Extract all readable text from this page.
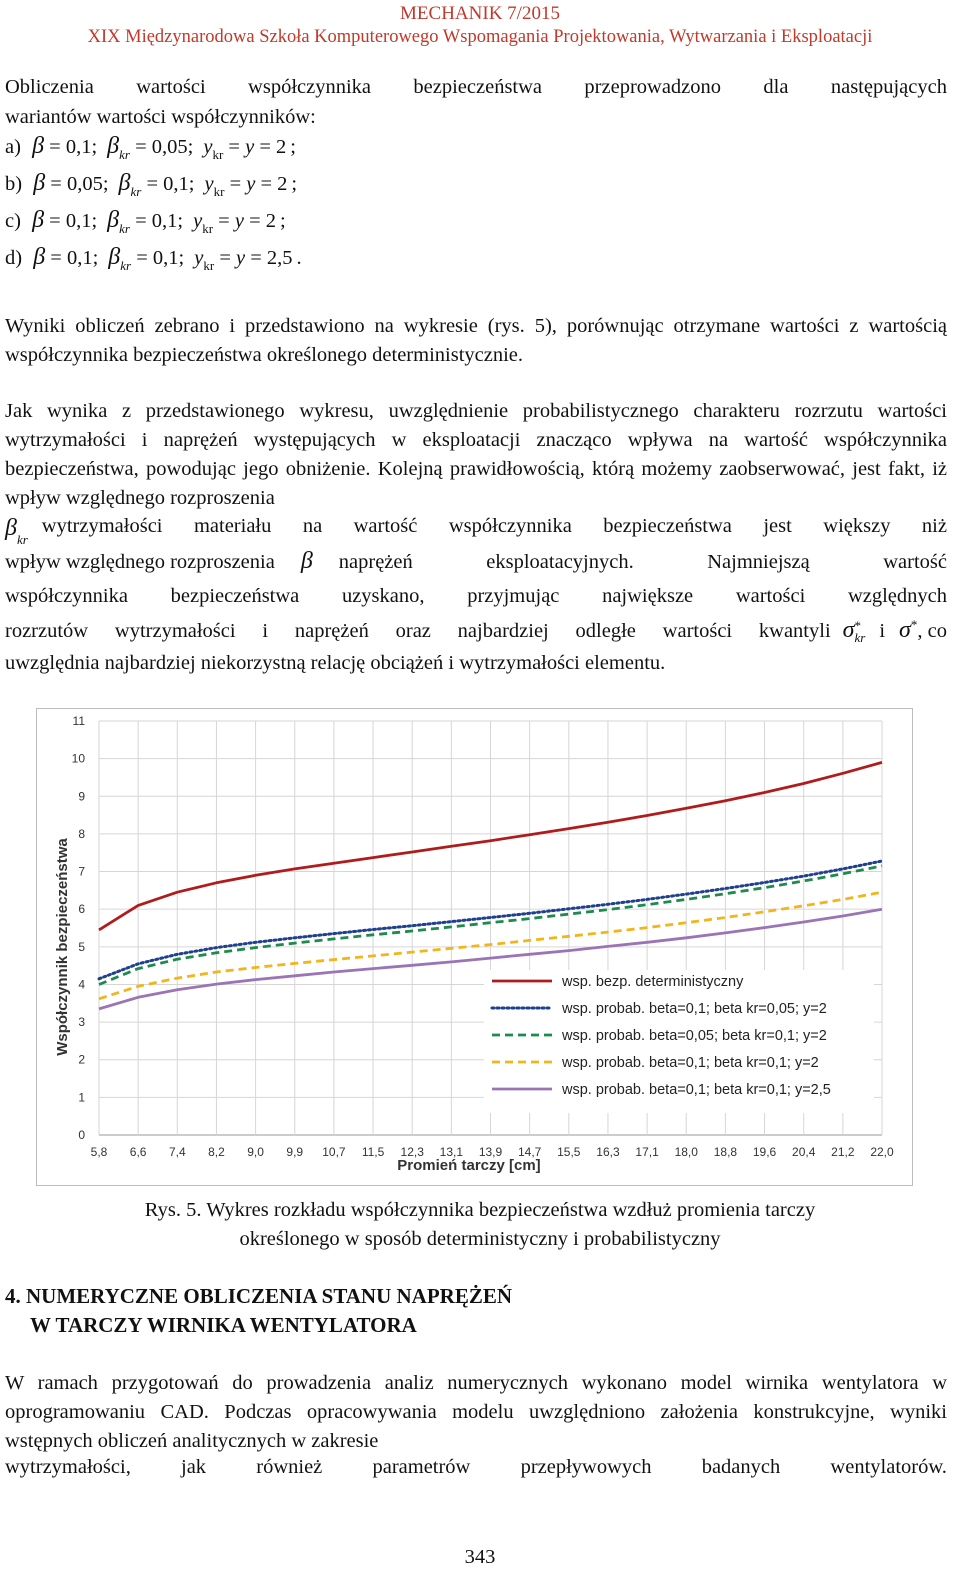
MECHANIK 7/2015
XIX Międzynarodowa Szkoła Komputerowego Wspomagania Projektowania, Wytwarzania i Eksploatacji
Obliczenia wartości współczynnika bezpieczeństwa przeprowadzono dla następujących
wariantów wartości współczynników:
a) β = 0,1; $\beta_{kr} = 0,05$; $y_{kr} = y = 2$ ;
b) β = 0,05; $\beta_{kr} = 0,1$; $y_{kr} = y = 2$ ;
c) β = 0,1; $\beta_{kr} = 0,1$; $y_{kr} = y = 2$ ;
d) β = 0,1; $\beta_{kr} = 0,1$; $y_{kr} = y = 2,5$ .
Wyniki obliczeń zebrano i przedstawiono na wykresie (rys. 5), porównując otrzymane wartości z wartością współczynnika bezpieczeństwa określonego deterministycznie.
Jak wynika z przedstawionego wykresu, uwzględnienie probabilistycznego charakteru rozrzutu wartości wytrzymałości i naprężeń występujących w eksploatacji znacząco wpływa na wartość współczynnika bezpieczeństwa, powodując jego obniżenie. Kolejną prawidłowością, którą możemy zaobserwować, jest fakt, iż wpływ względnego rozproszenia
$\beta_{kr}$
wytrzymałości materiału na wartość współczynnika bezpieczeństwa jest większy niż
wpływ względnego rozproszenia β naprężeń eksploatacyjnych. Najmniejszą wartość
współczynnika bezpieczeństwa uzyskano, przyjmując największe wartości względnych
rozrzutów wytrzymałości i naprężeń oraz najbardziej odległe wartości kwantyli σ *
kr i σ* , co
uwzględnia najbardziej niekorzystną relację obciążeń i wytrzymałości elementu.
0
1
2
3
4
5
6
7
8
9
10
11
5,8 6,6 7,4 8,2 9,0 9,9 10,7 11,5 12,3 13,1 13,9 14,7 15,5 16,3 17,1 18,0 18,8 19,6 20,4 21,2 22,0
wsp. bezp. deterministyczny
wsp. probab. beta=0,1; beta kr=0,05; y=2
wsp. probab. beta=0,05; beta kr=0,1; y=2
wsp. probab. beta=0,1; beta kr=0,1; y=2
wsp. probab. beta=0,1; beta kr=0,1; y=2,5
Promień tarczy [cm]
Współczynnik bezpieczeństwa
Rys. 5. Wykres rozkładu współczynnika bezpieczeństwa wzdłuż promienia tarczy
określonego w sposób deterministyczny i probabilistyczny
4. NUMERYCZNE OBLICZENIA STANU NAPRĘŻEŃ
W TARCZY WIRNIKA WENTYLATORA
W ramach przygotowań do prowadzenia analiz numerycznych wykonano model wirnika wentylatora w oprogramowaniu CAD. Podczas opracowywania modelu uwzględniono założenia konstrukcyjne, wyniki wstępnych obliczeń analitycznych w zakresie
wytrzymałości, jak również parametrów przepływowych badanych wentylatorów.
343
